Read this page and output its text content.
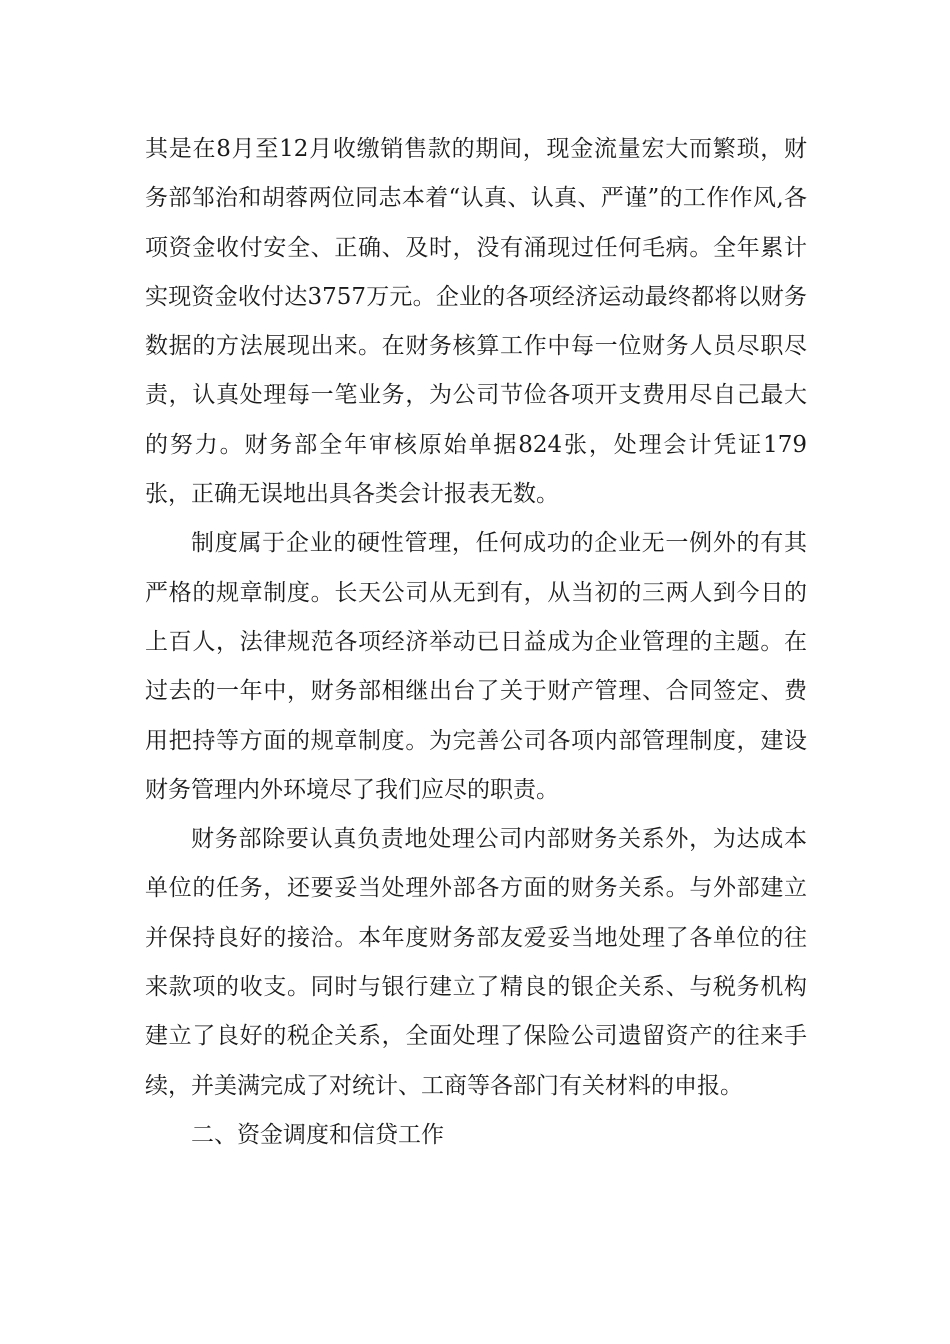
其是在8月至12月收缴销售款的期间，现金流量宏大而繁琐，财务部邹治和胡蓉两位同志本着“认真、认真、严谨”的工作作风,各项资金收付安全、正确、及时，没有涌现过任何毛病。全年累计实现资金收付达3757万元。企业的各项经济运动最终都将以财务数据的方法展现出来。在财务核算工作中每一位财务人员尽职尽责，认真处理每一笔业务，为公司节俭各项开支费用尽自己最大的努力。财务部全年审核原始单据824张，处理会计凭证179张，正确无误地出具各类会计报表无数。

制度属于企业的硬性管理，任何成功的企业无一例外的有其严格的规章制度。长天公司从无到有，从当初的三两人到今日的上百人，法律规范各项经济举动已日益成为企业管理的主题。在过去的一年中，财务部相继出台了关于财产管理、合同签定、费用把持等方面的规章制度。为完善公司各项内部管理制度，建设财务管理内外环境尽了我们应尽的职责。

财务部除要认真负责地处理公司内部财务关系外，为达成本单位的任务，还要妥当处理外部各方面的财务关系。与外部建立并保持良好的接洽。本年度财务部友爱妥当地处理了各单位的往来款项的收支。同时与银行建立了精良的银企关系、与税务机构建立了良好的税企关系，全面处理了保险公司遗留资产的往来手续，并美满完成了对统计、工商等各部门有关材料的申报。

二、资金调度和信贷工作
